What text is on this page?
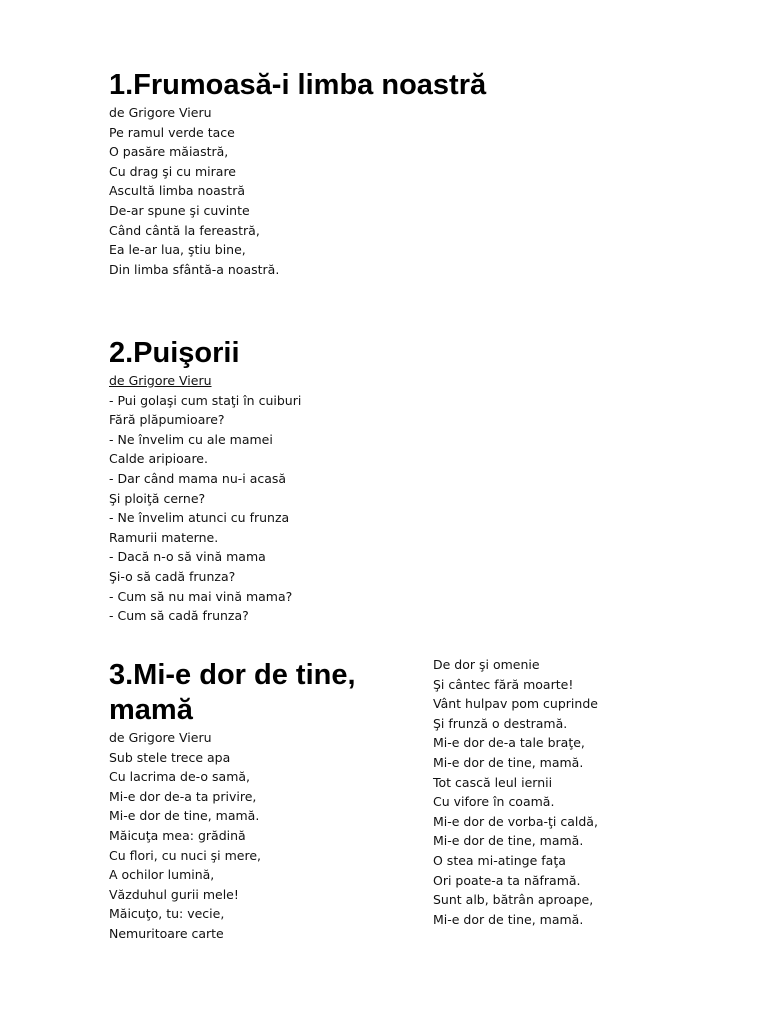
1.Frumoasă-i limba noastră
de Grigore Vieru
Pe ramul verde tace
O pasăre măiastră,
Cu drag şi cu mirare
Ascultă limba noastră
De-ar spune şi cuvinte
Când cântă la fereastră,
Ea le-ar lua, ştiu bine,
Din limba sfântă-a noastră.
2.Puişorii
de Grigore Vieru
- Pui golaşi cum staţi în cuiburi
Fără plăpumioare?
- Ne învelim cu ale mamei
Calde aripioare.
- Dar când mama nu-i acasă
Şi ploiţă cerne?
- Ne învelim atunci cu frunza
Ramurii materne.
- Dacă n-o să vină mama
Şi-o să cadă frunza?
- Cum să nu mai vină mama?
- Cum să cadă frunza?
3.Mi-e dor de tine,
mamă
de Grigore Vieru
Sub stele trece apa
Cu lacrima de-o samă,
Mi-e dor de-a ta privire,
Mi-e dor de tine, mamă.
Măicuţa mea: grădină
Cu flori, cu nuci şi mere,
A ochilor lumină,
Văzduhul gurii mele!
Măicuţo, tu: vecie,
Nemuritoare carte
De dor şi omenie
Şi cântec fără moarte!
Vânt hulpav pom cuprinde
Şi frunză o destramă.
Mi-e dor de-a tale braţe,
Mi-e dor de tine, mamă.
Tot cască leul iernii
Cu vifore în coamă.
Mi-e dor de vorba-ţi caldă,
Mi-e dor de tine, mamă.
O stea mi-atinge faţa
Ori poate-a ta năframă.
Sunt alb, bătrân aproape,
Mi-e dor de tine, mamă.
